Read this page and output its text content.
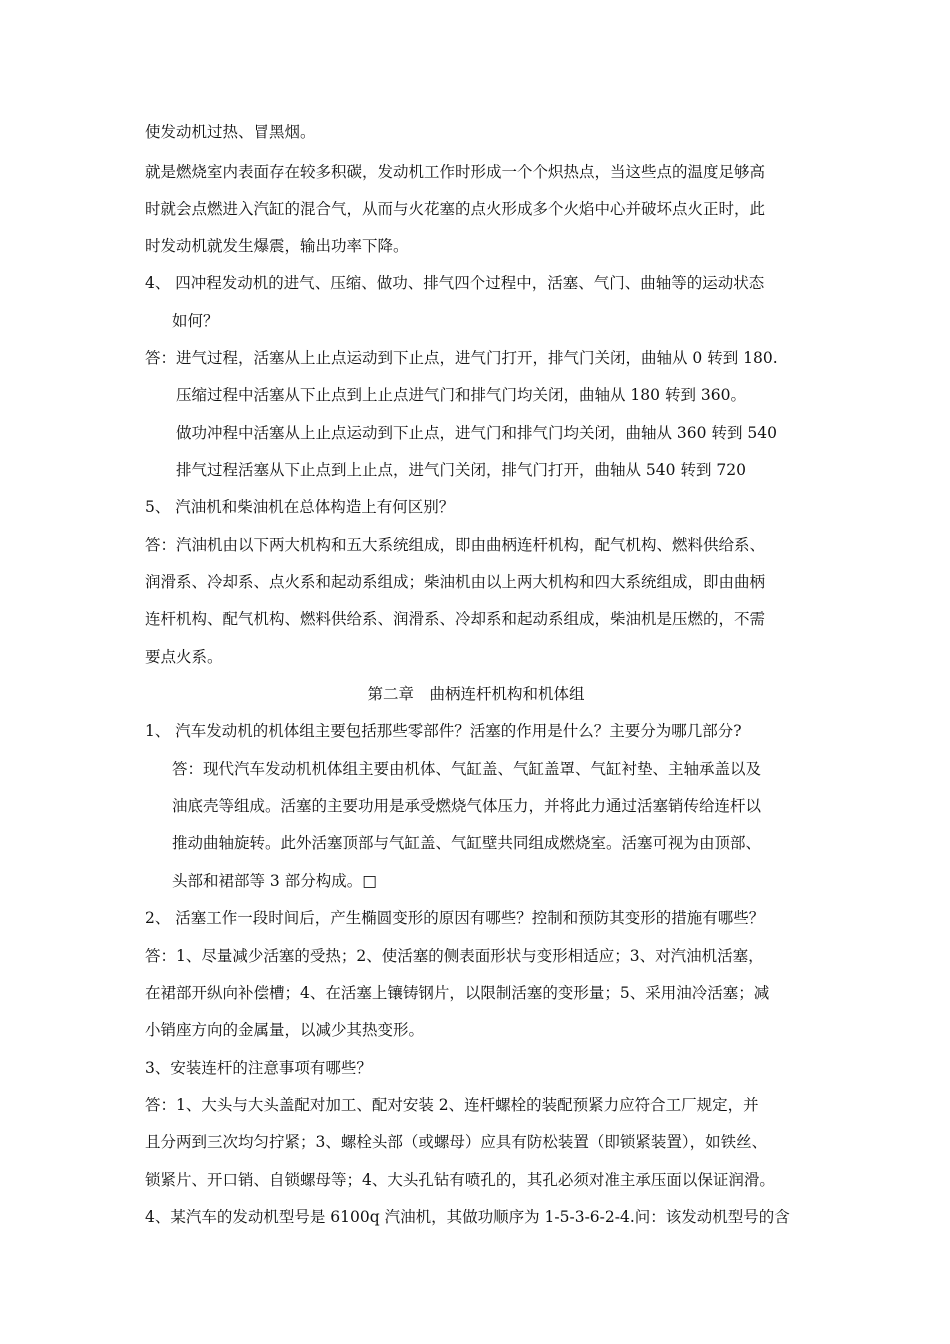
使发动机过热、冒黑烟。
就是燃烧室内表面存在较多积碳，发动机工作时形成一个个炽热点，当这些点的温度足够高
时就会点燃进入汽缸的混合气，从而与火花塞的点火形成多个火焰中心并破坏点火正时，此
时发动机就发生爆震，输出功率下降。
4、 四冲程发动机的进气、压缩、做功、排气四个过程中，活塞、气门、曲轴等的运动状态
如何？
答：进气过程，活塞从上止点运动到下止点，进气门打开，排气门关闭，曲轴从 0 转到 180.
压缩过程中活塞从下止点到上止点进气门和排气门均关闭，曲轴从 180 转到 360。
做功冲程中活塞从上止点运动到下止点，进气门和排气门均关闭，曲轴从 360 转到 540
排气过程活塞从下止点到上止点，进气门关闭，排气门打开，曲轴从 540 转到 720
5、 汽油机和柴油机在总体构造上有何区别？
答：汽油机由以下两大机构和五大系统组成，即由曲柄连杆机构，配气机构、燃料供给系、
润滑系、冷却系、点火系和起动系组成；柴油机由以上两大机构和四大系统组成，即由曲柄
连杆机构、配气机构、燃料供给系、润滑系、冷却系和起动系组成，柴油机是压燃的，不需
要点火系。
第二章　曲柄连杆机构和机体组
1、 汽车发动机的机体组主要包括那些零部件？活塞的作用是什么？主要分为哪几部分?
答：现代汽车发动机机体组主要由机体、气缸盖、气缸盖罩、气缸衬垫、主轴承盖以及
油底壳等组成。活塞的主要功用是承受燃烧气体压力，并将此力通过活塞销传给连杆以
推动曲轴旋转。此外活塞顶部与气缸盖、气缸壁共同组成燃烧室。活塞可视为由顶部、
头部和裙部等 3 部分构成。□
2、 活塞工作一段时间后，产生椭圆变形的原因有哪些？控制和预防其变形的措施有哪些？
答：1、尽量减少活塞的受热；2、使活塞的侧表面形状与变形相适应；3、对汽油机活塞，
在裙部开纵向补偿槽；4、在活塞上镶铸钢片，以限制活塞的变形量；5、采用油冷活塞；减
小销座方向的金属量，以减少其热变形。
3、安装连杆的注意事项有哪些？
答：1、大头与大头盖配对加工、配对安装 2、连杆螺栓的装配预紧力应符合工厂规定，并
且分两到三次均匀拧紧；3、螺栓头部（或螺母）应具有防松装置（即锁紧装置），如铁丝、
锁紧片、开口销、自锁螺母等；4、大头孔钻有喷孔的，其孔必须对准主承压面以保证润滑。
4、某汽车的发动机型号是 6100q 汽油机，其做功顺序为 1-5-3-6-2-4.问：该发动机型号的含
